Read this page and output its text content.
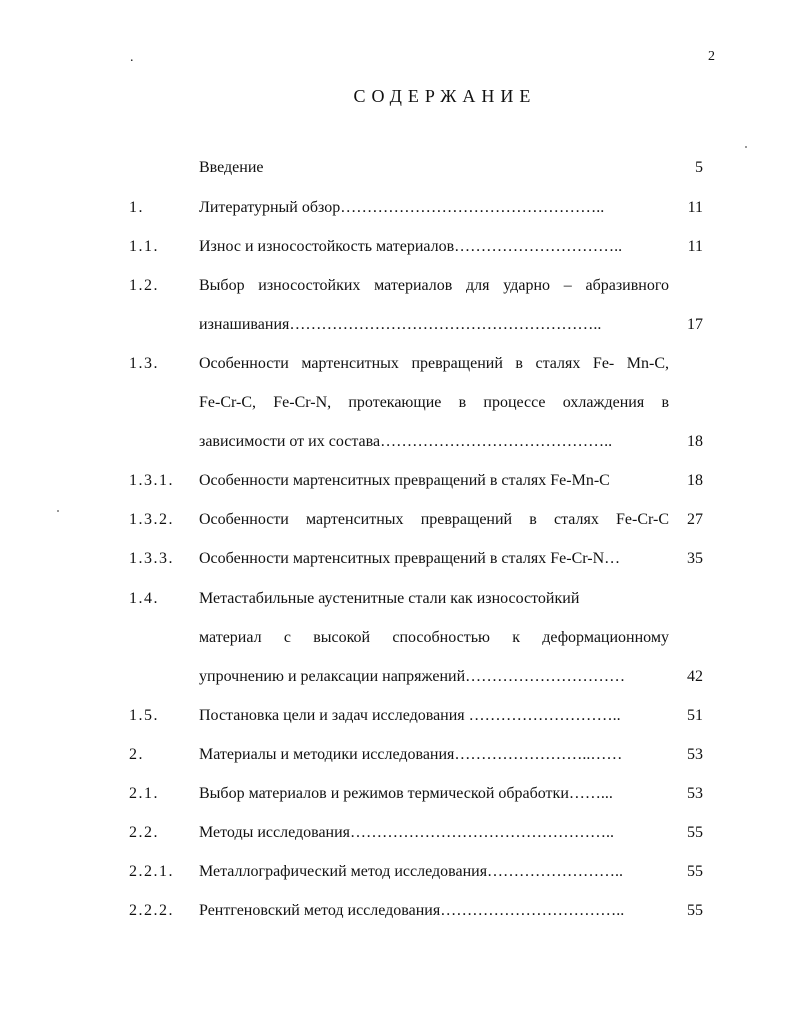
.	2
СОДЕРЖАНИЕ
Введение	5
1.	Литературный обзор…………………………………………..	11
1.1.	Износ и износостойкость материалов…………………………..	11
1.2.	Выбор износостойких материалов для ударно – абразивного
изнашивания…………………………………………………..	17
1.3.	Особенности мартенситных превращений в сталях Fe- Mn-C,
Fe-Cr-C, Fe-Cr-N, протекающие в процессе охлаждения в
зависимости от их состава……………………………………..	18
1.3.1. Особенности мартенситных превращений в сталях Fe-Mn-C	18
1.3.2. Особенности мартенситных превращений в сталях Fe-Cr-C	27
1.3.3. Особенности мартенситных превращений в сталях Fe-Cr-N…	35
1.4.	Метастабильные аустенитные стали как износостойкий
материал с высокой способностью к деформационному
упрочнению и релаксации напряжений…………………………	42
1.5.	Постановка цели и задач исследования ………………………..	51
2.	Материалы и методики исследования……………………..……	53
2.1.	Выбор материалов и режимов термической обработки……...	53
2.2.	Методы исследования…………………………………………..	55
2.2.1. Металлографический метод исследования……………………..	55
2.2.2. Рентгеновский метод исследования……………………………..	55
